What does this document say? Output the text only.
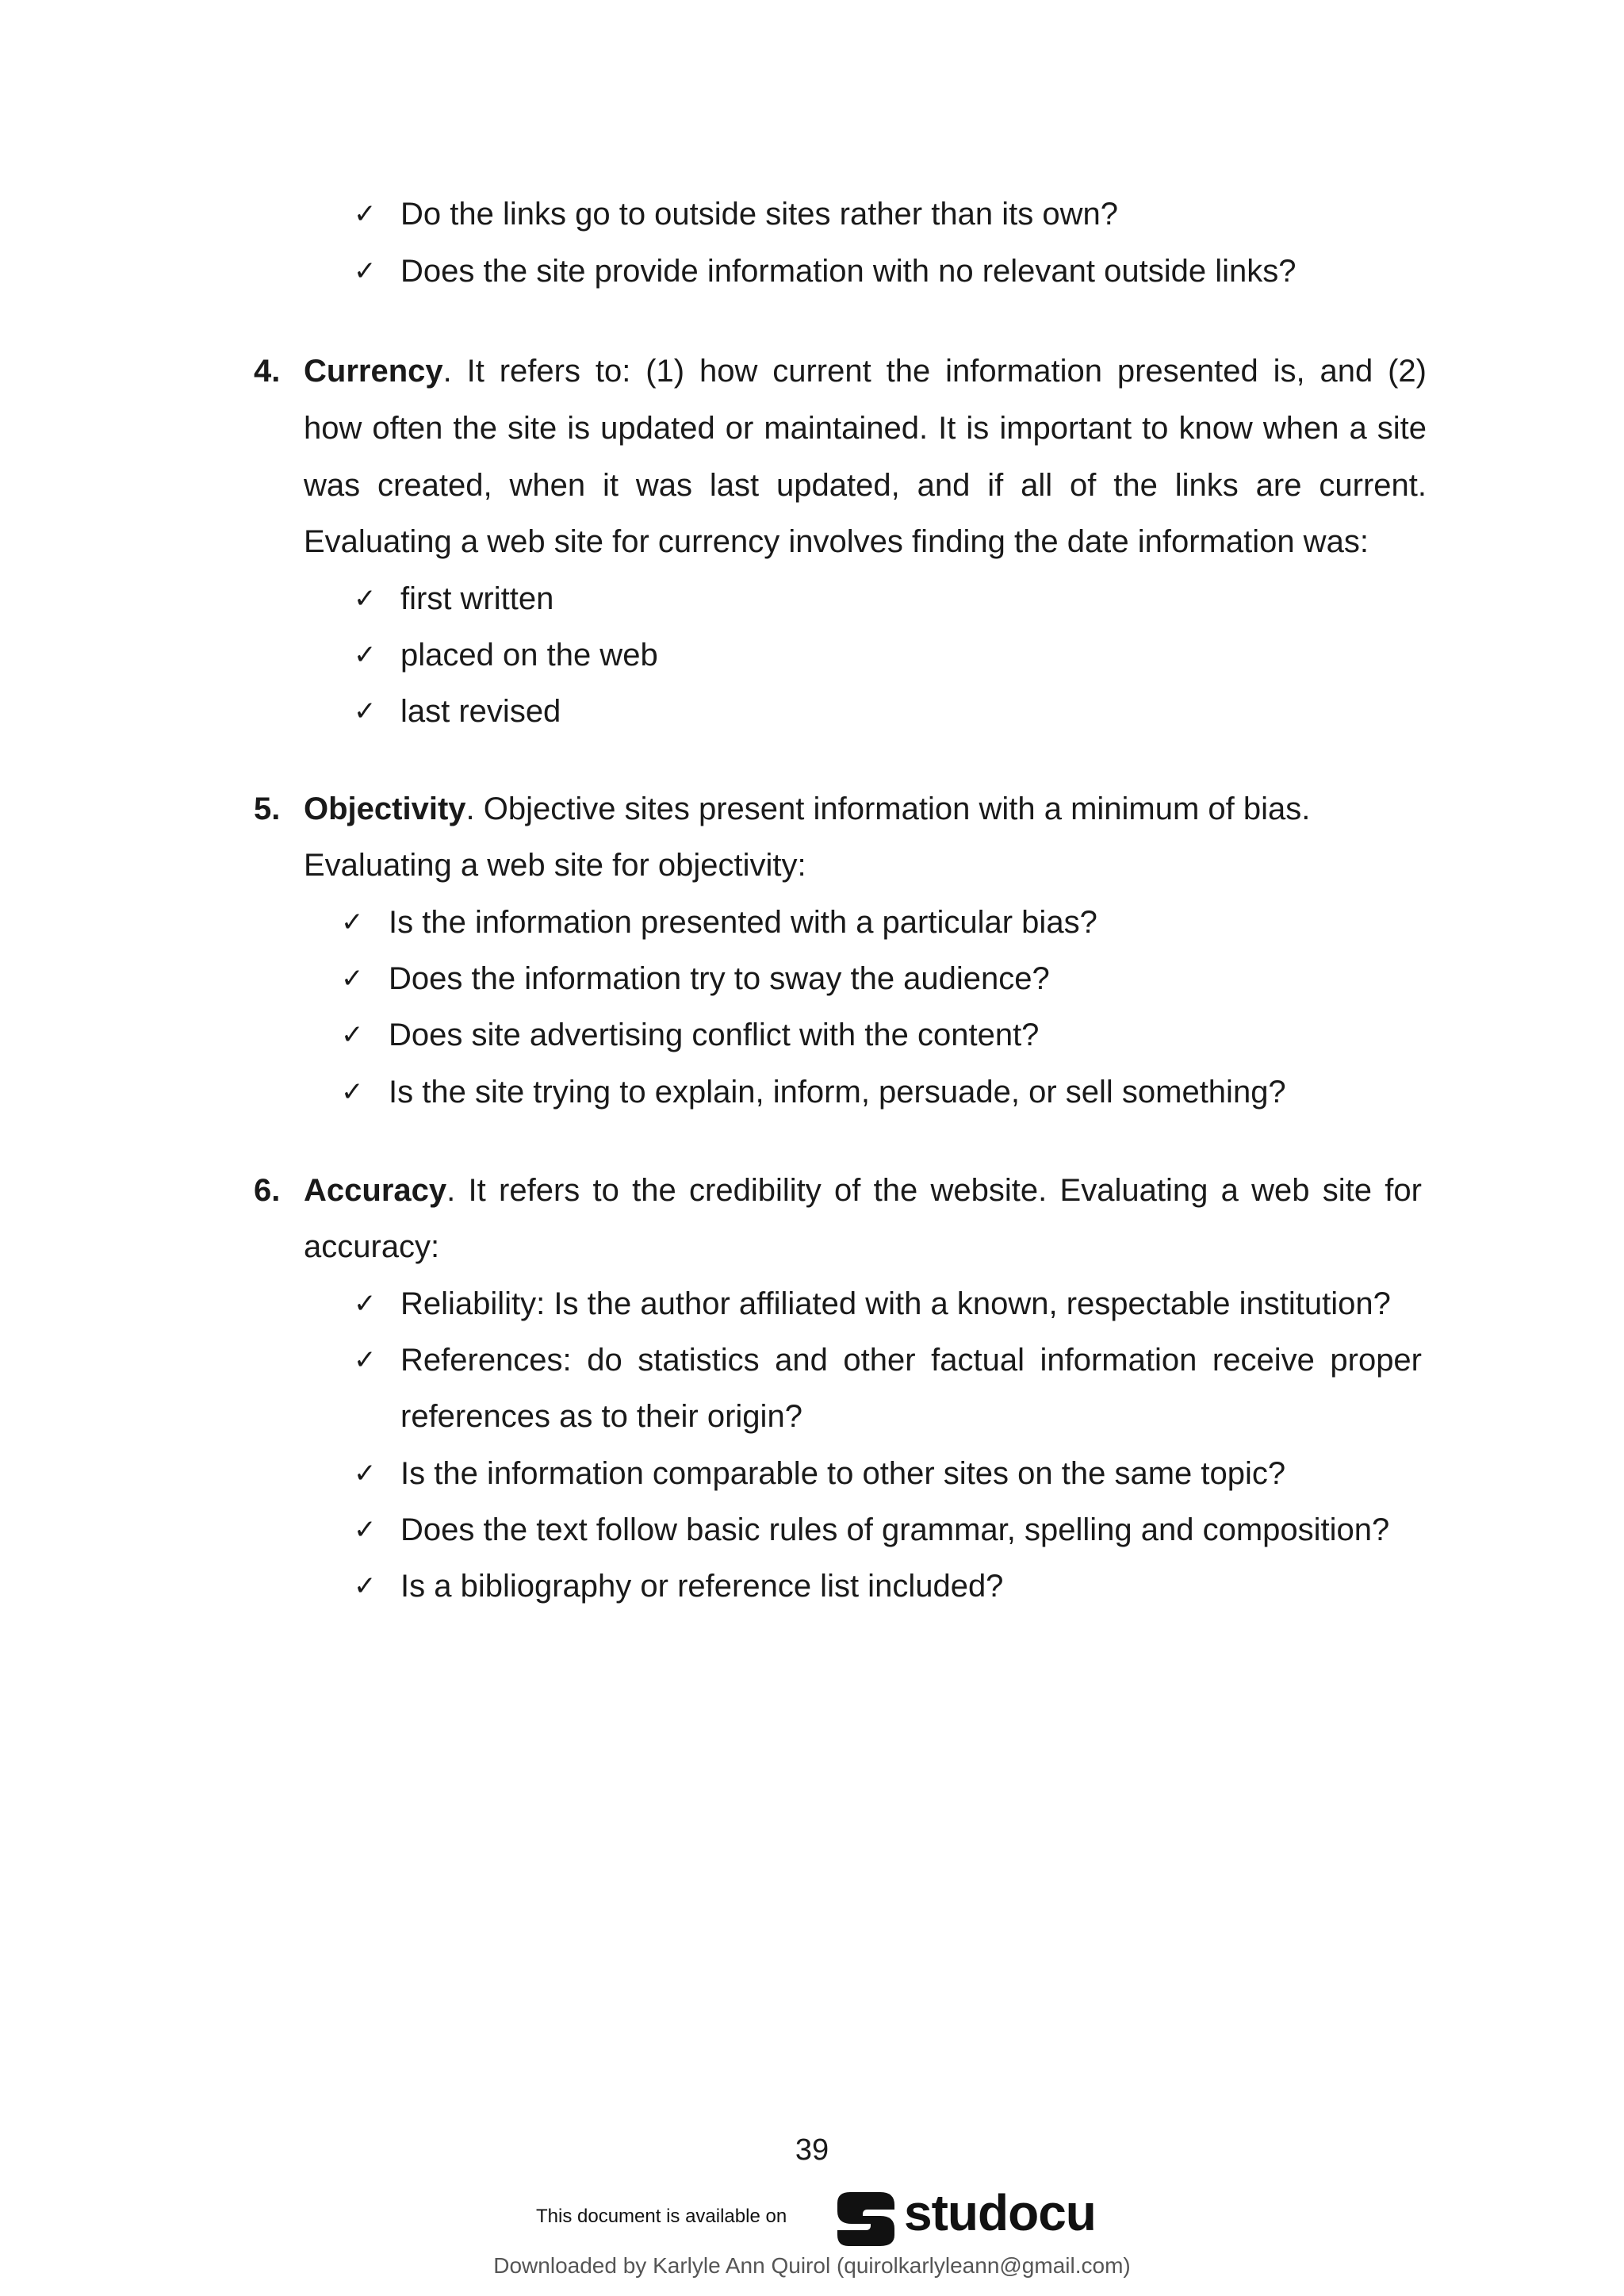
✓ Do the links go to outside sites rather than its own?
✓ Does the site provide information with no relevant outside links?
4. Currency. It refers to: (1) how current the information presented is, and (2)
how often the site is updated or maintained. It is important to know when a site
was created, when it was last updated, and if all of the links are current.
Evaluating a web site for currency involves finding the date information was:
✓ first written
✓ placed on the web
✓ last revised
5. Objectivity. Objective sites present information with a minimum of bias.
Evaluating a web site for objectivity:
✓ Is the information presented with a particular bias?
✓ Does the information try to sway the audience?
✓ Does site advertising conflict with the content?
✓ Is the site trying to explain, inform, persuade, or sell something?
6. Accuracy. It refers to the credibility of the website. Evaluating a web site for
accuracy:
✓ Reliability: Is the author affiliated with a known, respectable institution?
✓ References: do statistics and other factual information receive proper
references as to their origin?
✓ Is the information comparable to other sites on the same topic?
✓ Does the text follow basic rules of grammar, spelling and composition?
✓ Is a bibliography or reference list included?
39
This document is available on studocu
Downloaded by Karlyle Ann Quirol (quirolkarlyleann@gmail.com)
